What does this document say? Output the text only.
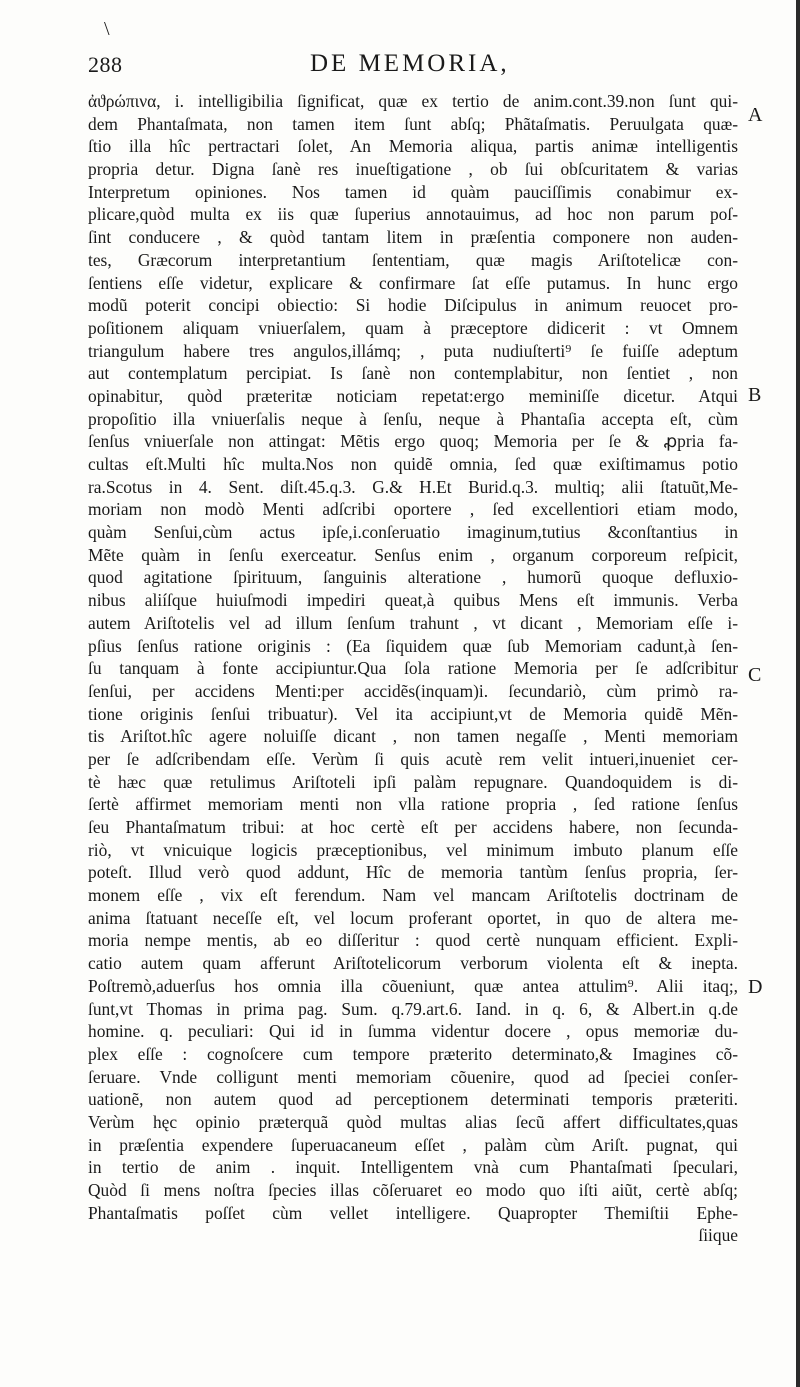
\
288	DE MEMORIA,
A
B
C
D
ἀϑρώπινα, i. intelligibilia ſignificat, quæ ex tertio de anim.cont.39.non ſunt qui-
dem Phantaſmata, non tamen item ſunt abſq; Phãtaſmatis. Peruulgata quæ-
ſtio illa hîc pertractari ſolet, An Memoria aliqua, partis animæ intelligentis
propria detur. Digna ſanè res inueſtigatione , ob ſui obſcuritatem & varias
Interpretum opiniones. Nos tamen id quàm pauciſſimis conabimur ex-
plicare,quòd multa ex iis quæ ſuperius annotauimus, ad hoc non parum poſ-
ſint conducere , & quòd tantam litem in præſentia componere non auden-
tes, Græcorum interpretantium ſententiam, quæ magis Ariſtotelicæ con-
ſentiens eſſe videtur, explicare & confirmare ſat eſſe putamus. In hunc ergo
modũ poterit concipi obiectio: Si hodie Diſcipulus in animum reuocet pro-
poſitionem aliquam vniuerſalem, quam à præceptore didicerit : vt Omnem
triangulum habere tres angulos,illámq; , puta nudiuſterti⁹ ſe fuiſſe adeptum
aut contemplatum percipiat. Is ſanè non contemplabitur, non ſentiet , non
opinabitur, quòd præteritæ noticiam repetat:ergo meminiſſe dicetur. Atqui
propoſitio illa vniuerſalis neque à ſenſu, neque à Phantaſia accepta eſt, cùm
ſenſus vniuerſale non attingat: Mẽtis ergo quoq; Memoria per ſe & ꝓpria fa-
cultas eſt.Multi hîc multa.Nos non quidẽ omnia, ſed quæ exiſtimamus potio
ra.Scotus in 4. Sent. diſt.45.q.3. G.& H.Et Burid.q.3. multiq; alii ſtatuũt,Me-
moriam non modò Menti adſcribi oportere , ſed excellentiori etiam modo,
quàm Senſui,cùm actus ipſe,i.conſeruatio imaginum,tutius &conſtantius in
Mẽte quàm in ſenſu exerceatur. Senſus enim , organum corporeum reſpicit,
quod agitatione ſpirituum, ſanguinis alteratione , humorũ quoque defluxio-
nibus aliíſque huiuſmodi impediri queat,à quibus Mens eſt immunis. Verba
autem Ariſtotelis vel ad illum ſenſum trahunt , vt dicant , Memoriam eſſe i-
pſius ſenſus ratione originis : (Ea ſiquidem quæ ſub Memoriam cadunt,à ſen-
ſu tanquam à fonte accipiuntur.Qua ſola ratione Memoria per ſe adſcribitur
ſenſui, per accidens Menti:per accidẽs(inquam)i. ſecundariò, cùm primò ra-
tione originis ſenſui tribuatur). Vel ita accipiunt,vt de Memoria quidẽ Mẽn-
tis Ariſtot.hîc agere noluiſſe dicant , non tamen negaſſe , Menti memoriam
per ſe adſcribendam eſſe. Verùm ſi quis acutè rem velit intueri,inueniet cer-
tè hæc quæ retulimus Ariſtoteli ipſi palàm repugnare. Quandoquidem is di-
ſertè affirmet memoriam menti non vlla ratione propria , ſed ratione ſenſus
ſeu Phantaſmatum tribui: at hoc certè eſt per accidens habere, non ſecunda-
riò, vt vnicuique logicis præceptionibus, vel minimum imbuto planum eſſe
poteſt. Illud verò quod addunt, Hîc de memoria tantùm ſenſus propria, ſer-
monem eſſe , vix eſt ferendum. Nam vel mancam Ariſtotelis doctrinam de
anima ſtatuant neceſſe eſt, vel locum proferant oportet, in quo de altera me-
moria nempe mentis, ab eo diſſeritur : quod certè nunquam efficient. Expli-
catio autem quam afferunt Ariſtotelicorum verborum violenta eſt & inepta.
Poſtremò,aduerſus hos omnia illa cõueniunt, quæ antea attulim⁹. Alii itaq;,
ſunt,vt Thomas in prima pag. Sum. q.79.art.6. Iand. in q. 6, & Albert.in q.de
homine. q. peculiari: Qui id in ſumma videntur docere , opus memoriæ du-
plex eſſe : cognoſcere cum tempore præterito determinato,& Imagines cõ-
ſeruare. Vnde colligunt menti memoriam cõuenire, quod ad ſpeciei conſer-
uationẽ, non autem quod ad perceptionem determinati temporis præteriti.
Verùm hęc opinio præterquã quòd multas alias ſecũ affert difficultates,quas
in præſentia expendere ſuperuacaneum eſſet , palàm cùm Ariſt. pugnat, qui
in tertio de anim . inquit. Intelligentem vnà cum Phantaſmati ſpeculari,
Quòd ſi mens noſtra ſpecies illas cõſeruaret eo modo quo iſti aiũt, certè abſq;
Phantaſmatis poſſet cùm vellet intelligere. Quapropter Themiſtii Ephe-
ſiique
